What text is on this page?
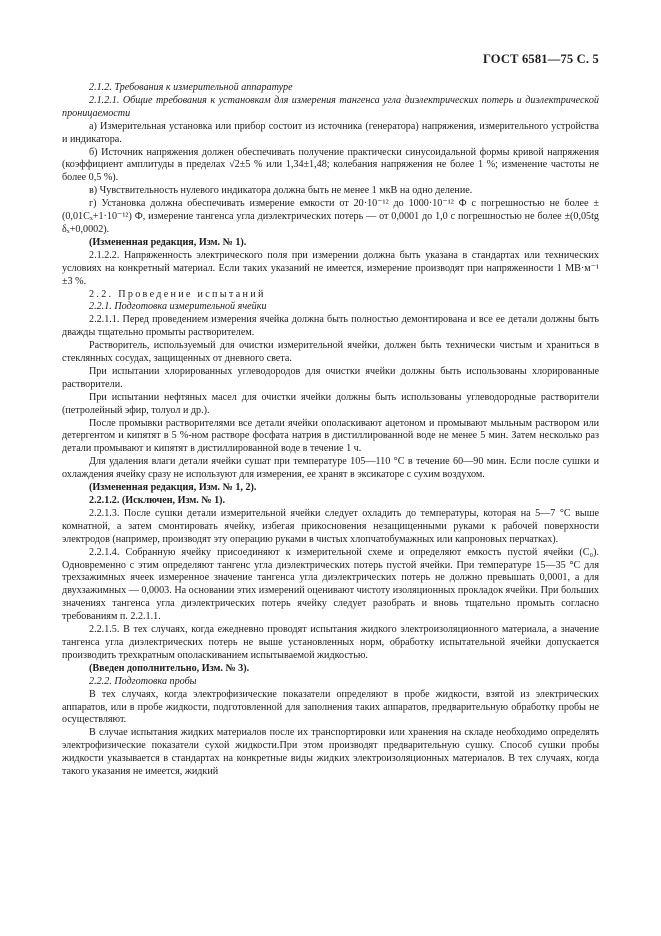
ГОСТ 6581—75 С. 5

2.1.2. Требования к измерительной аппаратуре

2.1.2.1. Общие требования к установкам для измерения тангенса угла диэлектрических потерь и диэлектрической проницаемости

а) Измерительная установка или прибор состоит из источника (генератора) напряжения, измерительного устройства и индикатора.

б) Источник напряжения должен обеспечивать получение практически синусоидальной формы кривой напряжения (коэффициент амплитуды в пределах √2±5 % или 1,34±1,48; колебания напряжения не более 1 %; изменение частоты не более 0,5 %).

в) Чувствительность нулевого индикатора должна быть не менее 1 мкВ на одно деление.

г) Установка должна обеспечивать измерение емкости от 20·10⁻¹² до 1000·10⁻¹² Ф с погрешностью не более ±(0,01Cₓ+1·10⁻¹²) Ф, измерение тангенса угла диэлектрических потерь — от 0,0001 до 1,0 с погрешностью не более ±(0,05tg δₓ+0,0002).

(Измененная редакция, Изм. № 1).

2.1.2.2. Напряженность электрического поля при измерении должна быть указана в стандартах или технических условиях на конкретный материал. Если таких указаний не имеется, измерение производят при напряженности 1 МВ·м⁻¹ ±3 %.

2.2. Проведение испытаний

2.2.1. Подготовка измерительной ячейки

2.2.1.1. Перед проведением измерения ячейка должна быть полностью демонтирована и все ее детали должны быть дважды тщательно промыты растворителем.

Растворитель, используемый для очистки измерительной ячейки, должен быть технически чистым и храниться в стеклянных сосудах, защищенных от дневного света.

При испытании хлорированных углеводородов для очистки ячейки должны быть использованы хлорированные растворители.

При испытании нефтяных масел для очистки ячейки должны быть использованы углеводородные растворители (петролейный эфир, толуол и др.).

После промывки растворителями все детали ячейки ополаскивают ацетоном и промывают мыльным раствором или детергентом и кипятят в 5 %-ном растворе фосфата натрия в дистиллированной воде не менее 5 мин. Затем несколько раз детали промывают и кипятят в дистиллированной воде в течение 1 ч.

Для удаления влаги детали ячейки сушат при температуре 105—110 °С в течение 60—90 мин. Если после сушки и охлаждения ячейку сразу не используют для измерения, ее хранят в эксикаторе с сухим воздухом.

(Измененная редакция, Изм. № 1, 2).

2.2.1.2. (Исключен, Изм. № 1).

2.2.1.3. После сушки детали измерительной ячейки следует охладить до температуры, которая на 5—7 °С выше комнатной, а затем смонтировать ячейку, избегая прикосновения незащищенными руками к рабочей поверхности электродов (например, производят эту операцию руками в чистых хлопчатобумажных или капроновых перчатках).

2.2.1.4. Собранную ячейку присоединяют к измерительной схеме и определяют емкость пустой ячейки (C₀). Одновременно с этим определяют тангенс угла диэлектрических потерь пустой ячейки. При температуре 15—35 °С для трехзажимных ячеек измеренное значение тангенса угла диэлектрических потерь не должно превышать 0,0001, а для двухзажимных — 0,0003. На основании этих измерений оценивают чистоту изоляционных прокладок ячейки. При больших значениях тангенса угла диэлектрических потерь ячейку следует разобрать и вновь тщательно промыть согласно требованиям п. 2.2.1.1.

2.2.1.5. В тех случаях, когда ежедневно проводят испытания жидкого электроизоляционного материала, а значение тангенса угла диэлектрических потерь не выше установленных норм, обработку испытательной ячейки допускается производить трехкратным ополаскиванием испытываемой жидкостью.

(Введен дополнительно, Изм. № 3).

2.2.2. Подготовка пробы

В тех случаях, когда электрофизические показатели определяют в пробе жидкости, взятой из электрических аппаратов, или в пробе жидкости, подготовленной для заполнения таких аппаратов, предварительную обработку пробы не осуществляют.

В случае испытания жидких материалов после их транспортировки или хранения на складе необходимо определять электрофизические показатели сухой жидкости.При этом производят предварительную сушку. Способ сушки пробы жидкости указывается в стандартах на конкретные виды жидких электроизоляционных материалов. В тех случаях, когда такого указания не имеется, жидкий
